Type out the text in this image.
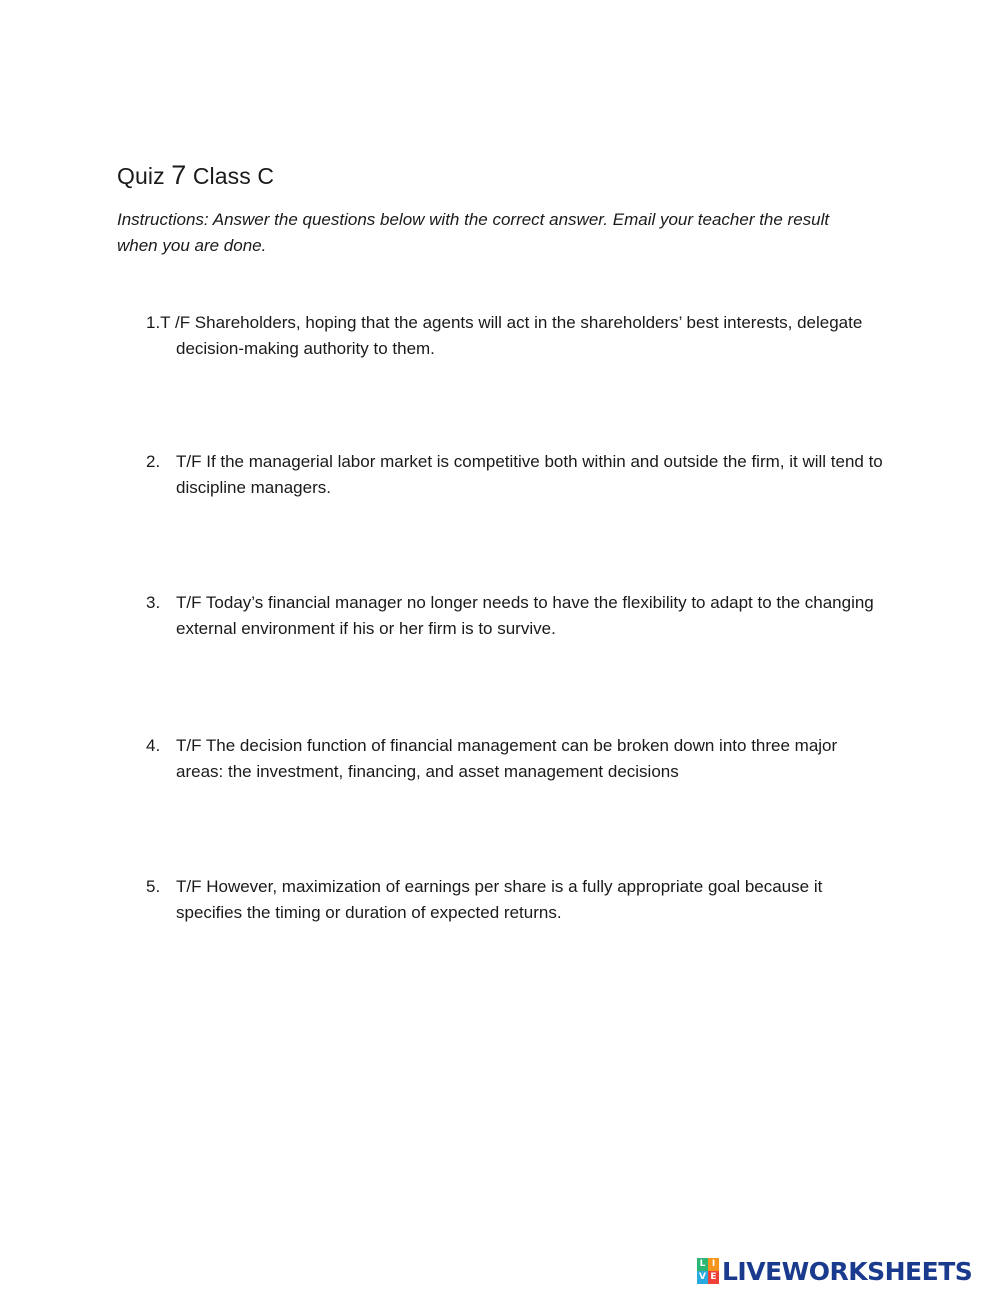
Quiz 7 Class C
Instructions: Answer the questions below with the correct answer. Email your teacher the result when you are done.
1.T /F Shareholders, hoping that the agents will act in the shareholders’ best interests, delegate decision-making authority to them.
2. T/F If the managerial labor market is competitive both within and outside the firm, it will tend to discipline managers.
3. T/F Today’s financial manager no longer needs to have the flexibility to adapt to the changing external environment if his or her firm is to survive.
4. T/F The decision function of financial management can be broken down into three major areas: the investment, financing, and asset management decisions
5. T/F However, maximization of earnings per share is a fully appropriate goal because it specifies the timing or duration of expected returns.
L I
V E LIVEWORKSHEETS
